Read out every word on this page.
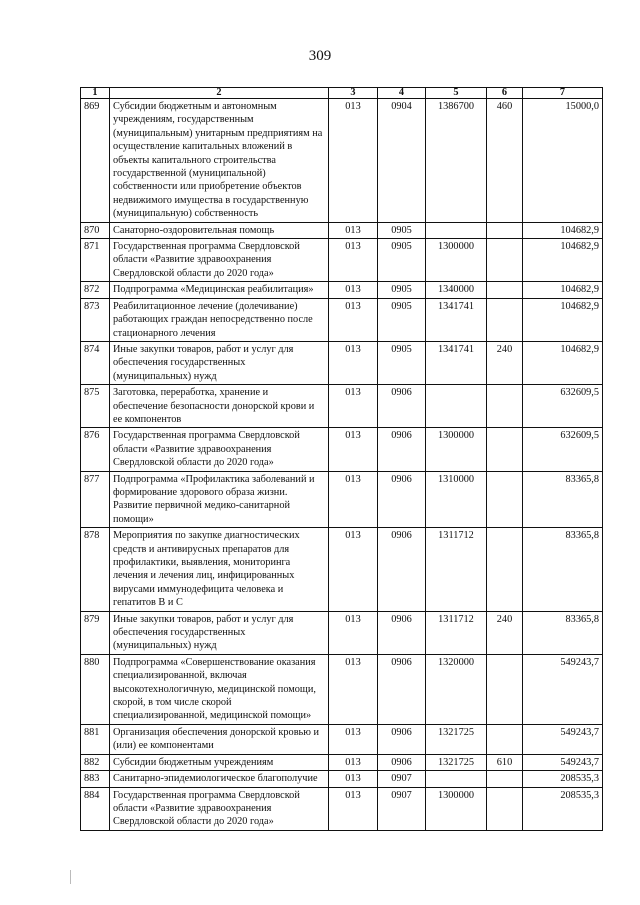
309
1	2	3	4	5	6	7
869	Субсидии бюджетным и автономным учреждениям, государственным (муниципальным) унитарным предприятиям на осуществление капитальных вложений в объекты капитального строительства государственной (муниципальной) собственности или приобретение объектов недвижимого имущества в государственную (муниципальную) собственность	013	0904	1386700	460	15000,0
870	Санаторно-оздоровительная помощь	013	0905			104682,9
871	Государственная программа Свердловской области «Развитие здравоохранения Свердловской области до 2020 года»	013	0905	1300000		104682,9
872	Подпрограмма «Медицинская реабилитация»	013	0905	1340000		104682,9
873	Реабилитационное лечение (долечивание) работающих граждан непосредственно после стационарного лечения	013	0905	1341741		104682,9
874	Иные закупки товаров, работ и услуг для обеспечения государственных (муниципальных) нужд	013	0905	1341741	240	104682,9
875	Заготовка, переработка, хранение и обеспечение безопасности донорской крови и ее компонентов	013	0906			632609,5
876	Государственная программа Свердловской области «Развитие здравоохранения Свердловской области до 2020 года»	013	0906	1300000		632609,5
877	Подпрограмма «Профилактика заболеваний и формирование здорового образа жизни. Развитие первичной медико-санитарной помощи»	013	0906	1310000		83365,8
878	Мероприятия по закупке диагностических средств и антивирусных препаратов для профилактики, выявления, мониторинга лечения и лечения лиц, инфицированных вирусами иммунодефицита человека и гепатитов В и С	013	0906	1311712		83365,8
879	Иные закупки товаров, работ и услуг для обеспечения государственных (муниципальных) нужд	013	0906	1311712	240	83365,8
880	Подпрограмма «Совершенствование оказания специализированной, включая высокотехнологичную, медицинской помощи, скорой, в том числе скорой специализированной, медицинской помощи»	013	0906	1320000		549243,7
881	Организация обеспечения донорской кровью и (или) ее компонентами	013	0906	1321725		549243,7
882	Субсидии бюджетным учреждениям	013	0906	1321725	610	549243,7
883	Санитарно-эпидемиологическое благополучие	013	0907			208535,3
884	Государственная программа Свердловской области «Развитие здравоохранения Свердловской области до 2020 года»	013	0907	1300000		208535,3
